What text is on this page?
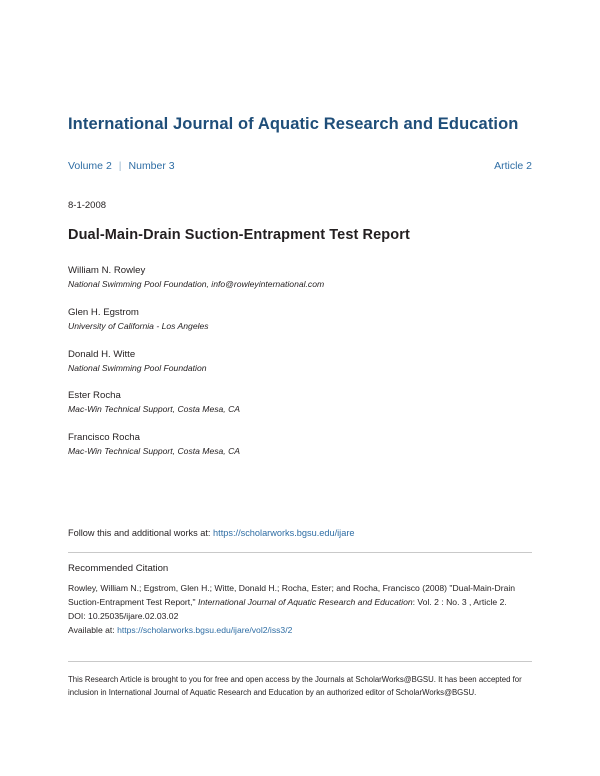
International Journal of Aquatic Research and Education
Volume 2 | Number 3	Article 2
8-1-2008
Dual-Main-Drain Suction-Entrapment Test Report
William N. Rowley
National Swimming Pool Foundation, info@rowleyinternational.com
Glen H. Egstrom
University of California - Los Angeles
Donald H. Witte
National Swimming Pool Foundation
Ester Rocha
Mac-Win Technical Support, Costa Mesa, CA
Francisco Rocha
Mac-Win Technical Support, Costa Mesa, CA
Follow this and additional works at: https://scholarworks.bgsu.edu/ijare
Recommended Citation
Rowley, William N.; Egstrom, Glen H.; Witte, Donald H.; Rocha, Ester; and Rocha, Francisco (2008) "Dual-Main-Drain Suction-Entrapment Test Report," International Journal of Aquatic Research and Education: Vol. 2 : No. 3 , Article 2.
DOI: 10.25035/ijare.02.03.02
Available at: https://scholarworks.bgsu.edu/ijare/vol2/iss3/2
This Research Article is brought to you for free and open access by the Journals at ScholarWorks@BGSU. It has been accepted for inclusion in International Journal of Aquatic Research and Education by an authorized editor of ScholarWorks@BGSU.
